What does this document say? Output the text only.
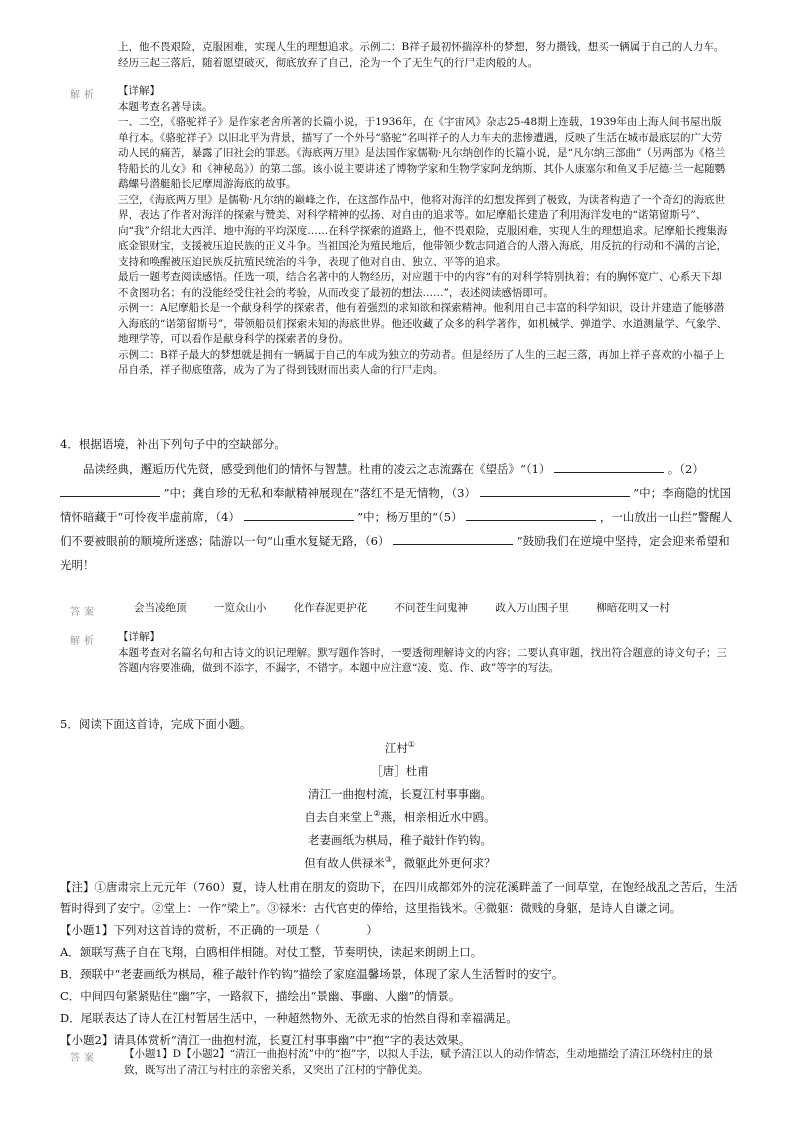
上，他不畏艰险，克服困难，实现人生的理想追求。示例二：B祥子最初怀揣淳朴的梦想，努力攒钱，想买一辆属于自己的人力车。经历三起三落后，随着愿望破灭，彻底放弃了自己，沦为一个了无生气的行尸走肉般的人。

解析 【详解】

本题考查名著导读。

一、二空，《骆驼祥子》是作家老舍所著的长篇小说，于1936年，在《宇宙风》杂志25-48期上连载，1939年由上海人间书屋出版单行本。《骆驼祥子》以旧北平为背景，描写了一个外号“骆驼”名叫祥子的人力车夫的悲惨遭遇，反映了生活在城市最底层的广大劳动人民的痛苦，暴露了旧社会的罪恶。《海底两万里》是法国作家儒勒·凡尔纳创作的长篇小说，是“凡尔纳三部曲”（另两部为《格兰特船长的儿女》和《神秘岛》）的第二部。该小说主要讲述了博物学家和生物学家阿龙纳斯、其仆人康塞尔和鱼叉手尼德·兰一起随鹦鹉螺号潜艇船长尼摩周游海底的故事。

三空，《海底两万里》是儒勒·凡尔纳的巅峰之作，在这部作品中，他将对海洋的幻想发挥到了极致，为读者构造了一个奇幻的海底世界，表达了作者对海洋的探索与赞美、对科学精神的弘扬、对自由的追求等。如尼摩船长建造了利用海洋发电的“诺第留斯号”、向“我”介绍北大西洋、地中海的平均深度……在科学探索的道路上，他不畏艰险，克服困难，实现人生的理想追求。尼摩船长搜集海底金银财宝，支援被压迫民族的正义斗争。当祖国沦为殖民地后，他带领少数志同道合的人潜入海底，用反抗的行动和不满的言论，支持和唤醒被压迫民族反抗殖民统治的斗争，表现了他对自由、独立、平等的追求。

最后一题考查阅读感悟。任选一项，结合名著中的人物经历，对应题干中的内容“有的对科学特别执着；有的胸怀宽广、心系天下却不贪图功名；有的没能经受住社会的考验，从而改变了最初的想法……”，表述阅读感悟即可。

示例一：A尼摩船长是一个献身科学的探索者，他有着强烈的求知欲和探索精神。他利用自己丰富的科学知识，设计并建造了能够潜入海底的“诺第留斯号”，带领船员们探索未知的海底世界。他还收藏了众多的科学著作，如机械学、弹道学、水道测量学、气象学、地理学等，可以看作是献身科学的探索者的身份。

示例二：B祥子最大的梦想就是拥有一辆属于自己的车成为独立的劳动者。但是经历了人生的三起三落，再加上祥子喜欢的小福子上吊自杀，祥子彻底堕落，成为了为了得到钱财而出卖人命的行尸走肉。

4．根据语境，补出下列句子中的空缺部分。

品读经典，邂逅历代先贤，感受到他们的情怀与智慧。杜甫的凌云之志流露在《望岳》“（1）	。（2）  ”中；龚自珍的无私和奉献精神展现在“落红不是无情物，（3）	”中；李商隐的忧国情怀暗藏于“可怜夜半虚前席，（4）	”中；杨万里的“（5）	，一山放出一山拦”警醒人们不要被眼前的顺境所迷惑；陆游以一句“山重水复疑无路，（6）	”鼓励我们在逆境中坚持，定会迎来希望和光明！

答案	会当凌绝顶	一览众山小	化作春泥更护花	不问苍生问鬼神	政入万山围子里	柳暗花明又一村
解析 【详解】

本题考查对名篇名句和古诗文的识记理解。默写题作答时，一要透彻理解诗文的内容；二要认真审题，找出符合题意的诗文句子；三答题内容要准确，做到不添字，不漏字，不错字。本题中应注意“凌、览、作、政”等字的写法。

5．阅读下面这首诗，完成下面小题。

江村①
［唐］杜甫
清江一曲抱村流，长夏江村事事幽。
自去自来堂上②燕，相亲相近水中鸥。
老妻画纸为棋局，稚子敲针作钓钩。
但有故人供禄米③，微躯此外更何求？

【注】①唐肃宗上元元年（760）夏，诗人杜甫在朋友的资助下，在四川成都郊外的浣花溪畔盖了一间草堂，在饱经战乱之苦后，生活暂时得到了安宁。②堂上：一作“梁上”。③禄米：古代官吏的俸给，这里指钱米。④微躯：微贱的身躯，是诗人自谦之词。

【小题1】下列对这首诗的赏析，不正确的一项是（　　　　）

A．颔联写燕子自在飞翔，白鸥相伴相随。对仗工整，节奏明快，读起来朗朗上口。

B．颈联中“老妻画纸为棋局，稚子敲针作钓钩”描绘了家庭温馨场景，体现了家人生活暂时的安宁。

C．中间四句紧紧贴住“幽”字，一路叙下，描绘出“景幽、事幽、人幽”的情景。

D．尾联表达了诗人在江村暂居生活中，一种超然物外、无欲无求的怡然自得和幸福满足。

【小题2】请具体赏析“清江一曲抱村流，长夏江村事事幽”中“抱”字的表达效果。

答案 【小题1】D【小题2】“清江一曲抱村流”中的“抱”字，以拟人手法，赋予清江以人的动作情态，生动地描绘了清江环绕村庄的景致，既写出了清江与村庄的亲密关系，又突出了江村的宁静优美。
